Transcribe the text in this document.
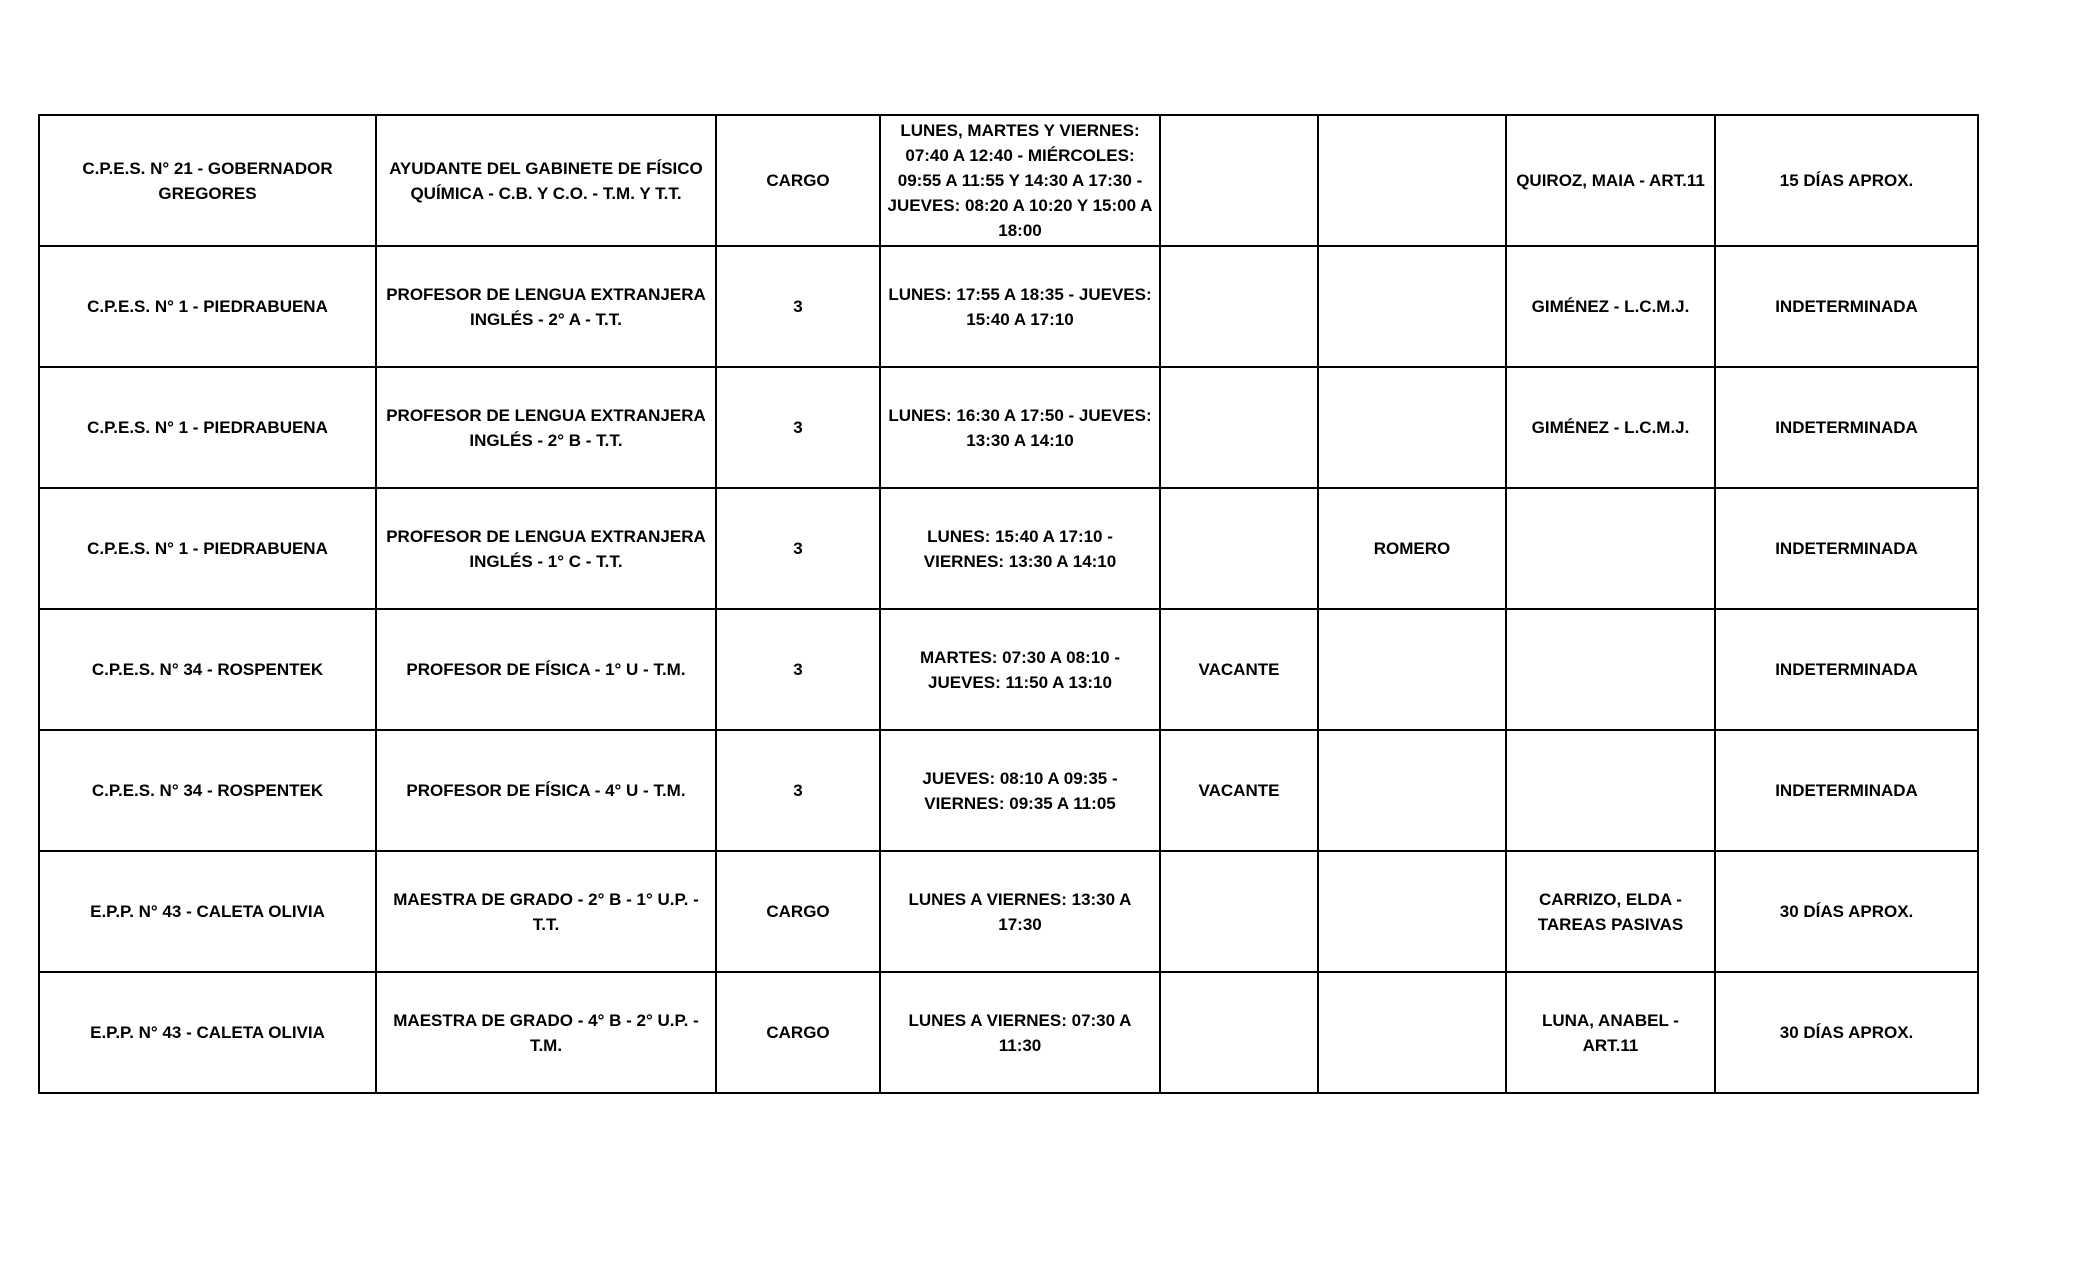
C.P.E.S. N° 21 - GOBERNADOR GREGORES	AYUDANTE DEL GABINETE DE FÍSICO QUÍMICA - C.B. Y C.O. - T.M. Y T.T.	CARGO	LUNES, MARTES Y VIERNES: 07:40 A 12:40 - MIÉRCOLES: 09:55 A 11:55 Y 14:30 A 17:30 - JUEVES: 08:20 A 10:20 Y 15:00 A 18:00			QUIROZ, MAIA - ART.11	15 DÍAS APROX.
C.P.E.S. N° 1 - PIEDRABUENA	PROFESOR DE LENGUA EXTRANJERA INGLÉS - 2° A - T.T.	3	LUNES: 17:55 A 18:35 - JUEVES: 15:40 A 17:10			GIMÉNEZ - L.C.M.J.	INDETERMINADA
C.P.E.S. N° 1 - PIEDRABUENA	PROFESOR DE LENGUA EXTRANJERA INGLÉS - 2° B - T.T.	3	LUNES: 16:30 A 17:50 - JUEVES: 13:30 A 14:10			GIMÉNEZ - L.C.M.J.	INDETERMINADA
C.P.E.S. N° 1 - PIEDRABUENA	PROFESOR DE LENGUA EXTRANJERA INGLÉS - 1° C - T.T.	3	LUNES: 15:40 A 17:10 - VIERNES: 13:30 A 14:10		ROMERO		INDETERMINADA
C.P.E.S. N° 34 - ROSPENTEK	PROFESOR DE FÍSICA - 1° U - T.M.	3	MARTES: 07:30 A 08:10 - JUEVES: 11:50 A 13:10	VACANTE			INDETERMINADA
C.P.E.S. N° 34 - ROSPENTEK	PROFESOR DE FÍSICA - 4° U - T.M.	3	JUEVES: 08:10 A 09:35 - VIERNES: 09:35 A 11:05	VACANTE			INDETERMINADA
E.P.P. N° 43 - CALETA OLIVIA	MAESTRA DE GRADO - 2° B - 1° U.P. - T.T.	CARGO	LUNES A VIERNES: 13:30 A 17:30			CARRIZO, ELDA - TAREAS PASIVAS	30 DÍAS APROX.
E.P.P. N° 43 - CALETA OLIVIA	MAESTRA DE GRADO - 4° B - 2° U.P. - T.M.	CARGO	LUNES A VIERNES: 07:30 A 11:30			LUNA, ANABEL - ART.11	30 DÍAS APROX.
